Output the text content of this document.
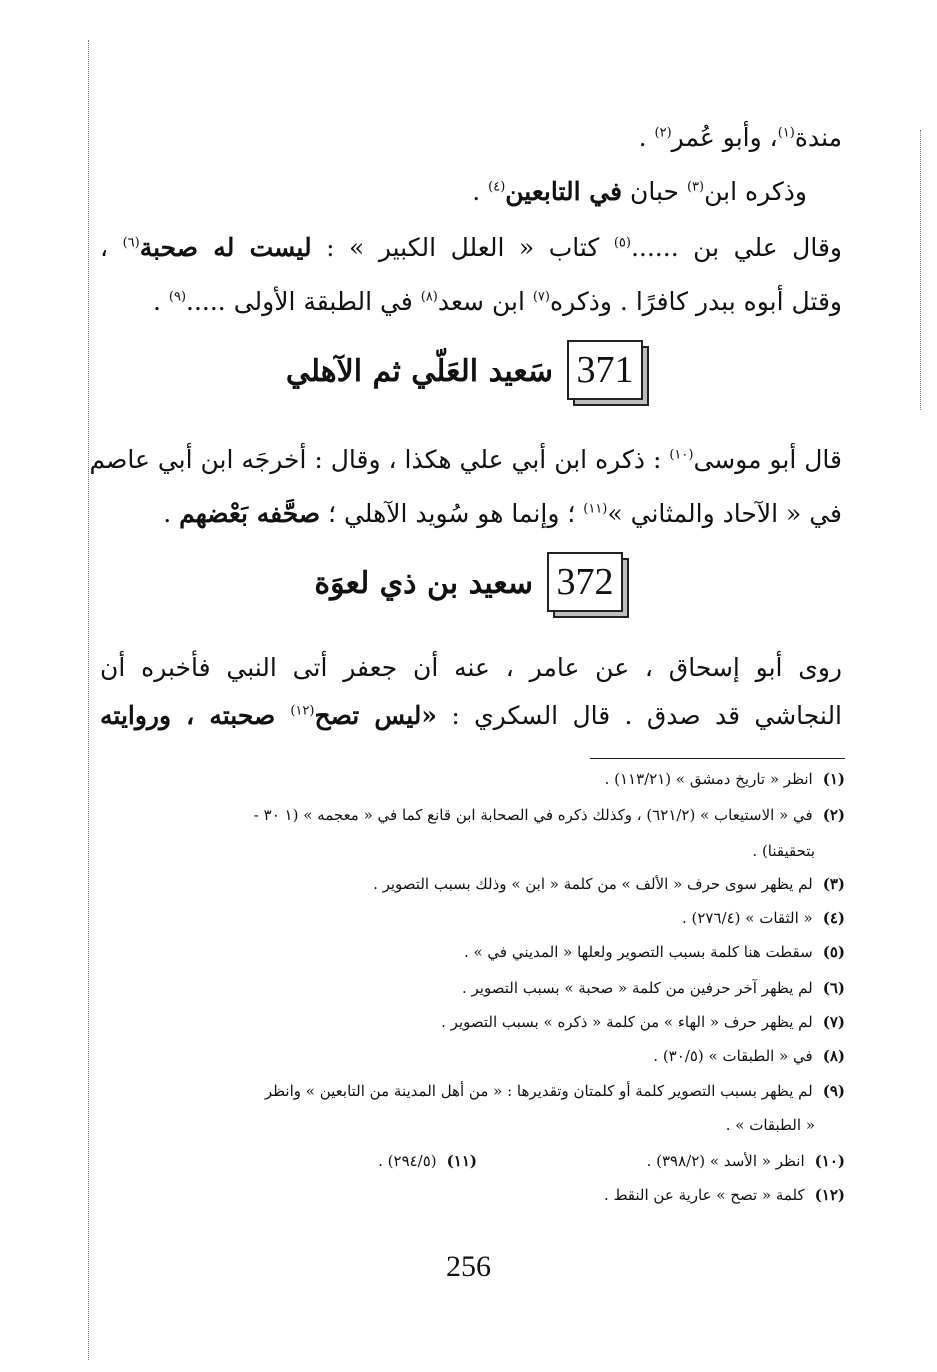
مندة$^{(١)}$، وأبو عُمر$^{(٢)}$ .
وذكره ابن$^{(٣)}$ حبان في التابعين$^{(٤)}$ .
وقال علي بن ......$^{(٥)}$ كتاب « العلل الكبير » : ليست له صحبة$^{(٦)}$ ،
وقتل أبوه ببدر كافرًا . وذكره$^{(٧)}$ ابن سعد$^{(٨)}$ في الطبقة الأولى .....$^{(٩)}$ .
371
سَعيد العَلّي ثم الآهلي
قال أبو موسى$^{(١٠)}$ : ذكره ابن أبي علي هكذا ، وقال : أخرجَه ابن أبي عاصم
في « الآحاد والمثاني »$^{(١١)}$ ؛ وإنما هو سُويد الآهلي ؛ صحَّفه بَعْضهم .
372
سعيد بن ذي لعوَة
روى أبو إسحاق ، عن عامر ، عنه أن جعفر أتى النبي فأخبره أن
النجاشي قد صدق . قال السكري : «ليس تصح$^{(١٢)}$ صحبته ، وروايته
(١)انظر « تاريخ دمشق » (١١٣/٢١) .
(٢)في « الاستيعاب » (٦٢١/٢) ، وكذلك ذكره في الصحابة ابن قانع كما في « معجمه » (١ ٣٠ -
بتحقيقنا) .
(٣)لم يظهر سوى حرف « الألف » من كلمة « ابن » وذلك بسبب التصوير .
(٤)« الثقات » (٢٧٦/٤) .
(٥)سقطت هنا كلمة بسبب التصوير ولعلها « المديني في » .
(٦)لم يظهر آخر حرفين من كلمة « صحبة » بسبب التصوير .
(٧)لم يظهر حرف « الهاء » من كلمة « ذكره » بسبب التصوير .
(٨)في « الطبقات » (٣٠/٥) .
(٩)لم يظهر بسبب التصوير كلمة أو كلمتان وتقديرها : « من أهل المدينة من التابعين » وانظر
« الطبقات » .
(١٠)انظر « الأسد » (٣٩٨/٢) .
(١١)(٢٩٤/٥) .
(١٢)كلمة « تصح » عارية عن النقط .
256
